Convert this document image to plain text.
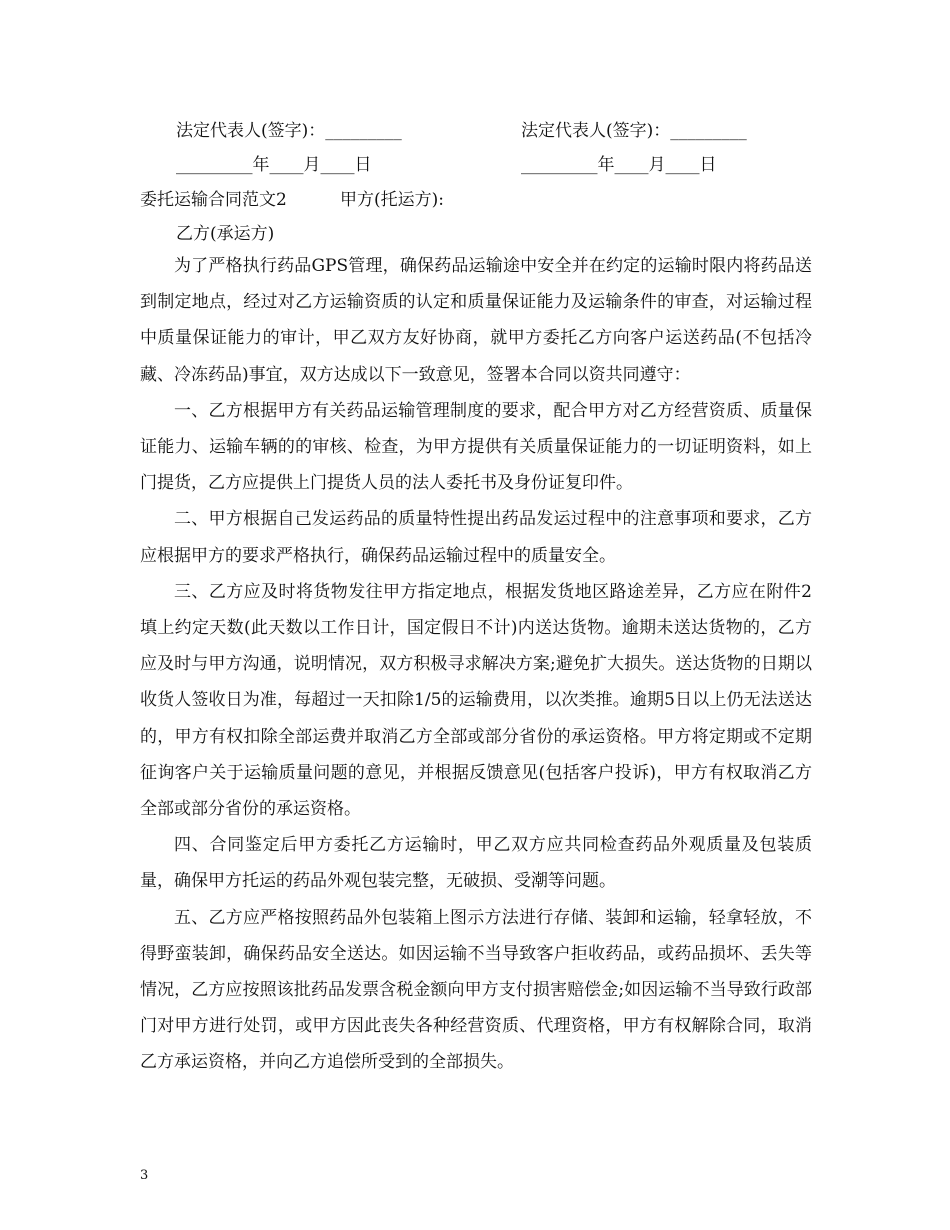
法定代表人(签字)：_________	法定代表人(签字)：_________
_________年____月____日	_________年____月____日
委托运输合同范文2	甲方(托运方):
乙方(承运方)

为了严格执行药品GPS管理，确保药品运输途中安全并在约定的运输时限内将药品送到制定地点，经过对乙方运输资质的认定和质量保证能力及运输条件的审查，对运输过程中质量保证能力的审计，甲乙双方友好协商，就甲方委托乙方向客户运送药品(不包括冷藏、冷冻药品)事宜，双方达成以下一致意见，签署本合同以资共同遵守：

一、乙方根据甲方有关药品运输管理制度的要求，配合甲方对乙方经营资质、质量保证能力、运输车辆的的审核、检查，为甲方提供有关质量保证能力的一切证明资料，如上门提货，乙方应提供上门提货人员的法人委托书及身份证复印件。

二、甲方根据自己发运药品的质量特性提出药品发运过程中的注意事项和要求，乙方应根据甲方的要求严格执行，确保药品运输过程中的质量安全。

三、乙方应及时将货物发往甲方指定地点，根据发货地区路途差异，乙方应在附件2填上约定天数(此天数以工作日计，国定假日不计)内送达货物。逾期未送达货物的，乙方应及时与甲方沟通，说明情况，双方积极寻求解决方案;避免扩大损失。送达货物的日期以收货人签收日为准，每超过一天扣除1/5的运输费用，以次类推。逾期5日以上仍无法送达的，甲方有权扣除全部运费并取消乙方全部或部分省份的承运资格。甲方将定期或不定期征询客户关于运输质量问题的意见，并根据反馈意见(包括客户投诉)，甲方有权取消乙方全部或部分省份的承运资格。

四、合同鉴定后甲方委托乙方运输时，甲乙双方应共同检查药品外观质量及包装质量，确保甲方托运的药品外观包装完整，无破损、受潮等问题。

五、乙方应严格按照药品外包装箱上图示方法进行存储、装卸和运输，轻拿轻放，不得野蛮装卸，确保药品安全送达。如因运输不当导致客户拒收药品，或药品损坏、丢失等情况，乙方应按照该批药品发票含税金额向甲方支付损害赔偿金;如因运输不当导致行政部门对甲方进行处罚，或甲方因此丧失各种经营资质、代理资格，甲方有权解除合同，取消乙方承运资格，并向乙方追偿所受到的全部损失。

3
